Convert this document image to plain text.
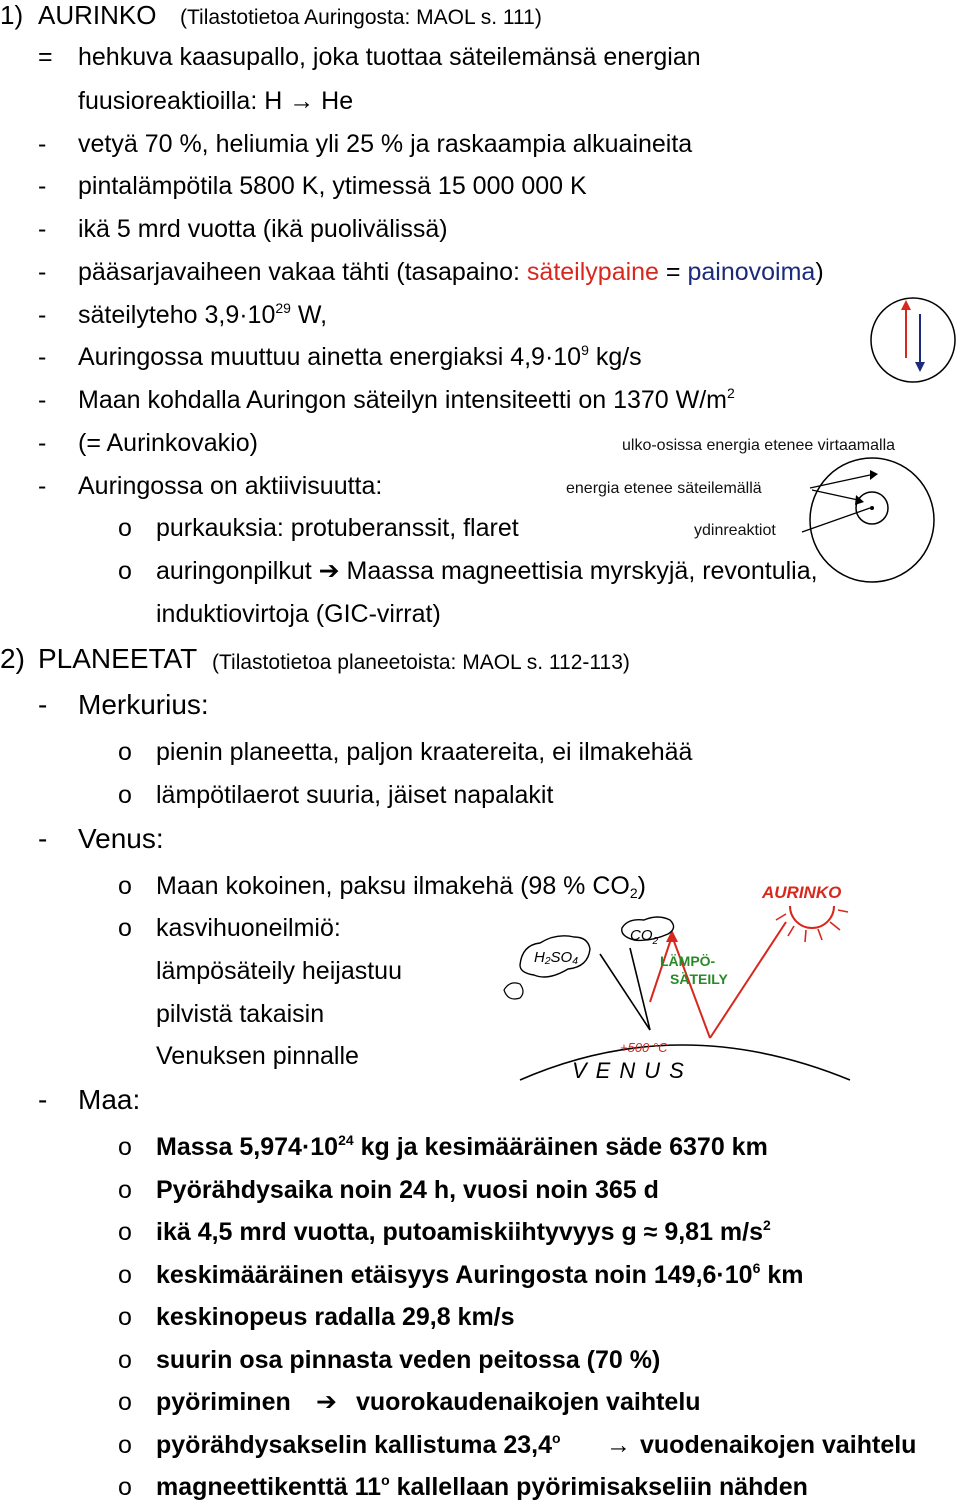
1) AURINKO (Tilastotietoa Auringosta: MAOL s. 111)
= hehkuva kaasupallo, joka tuottaa säteilemänsä energian
fuusioreaktioilla: H → He
- vetyä 70 %, heliumia yli 25 % ja raskaampia alkuaineita
- pintalämpötila 5800 K, ytimessä 15 000 000 K
- ikä 5 mrd vuotta (ikä puolivälissä)
- pääsarjavaiheen vakaa tähti (tasapaino: säteilypaine = painovoima)
- säteilyteho $3,9\cdot 10^{29}$ W,
- Auringossa muuttuu ainetta energiaksi $4,9\cdot 10^9$ kg/s
- Maan kohdalla Auringon säteilyn intensiteetti on 1370 $W/m^2$
- (= Aurinkovakio)
- Auringossa on aktiivisuutta:
o purkauksia: protuberanssit, flaret
o auringonpilkut ➔ Maassa magneettisia myrskyjä, revontulia,
induktiovirtoja (GIC-virrat)
ulko-osissa energia etenee virtaamalla
energia etenee säteilemällä
ydinreaktiot
2) PLANEETAT (Tilastotietoa planeetoista: MAOL s. 112-113)
- Merkurius:
o pienin planeetta, paljon kraatereita, ei ilmakehää
o lämpötilaerot suuria, jäiset napalakit
- Venus:
o Maan kokoinen, paksu ilmakehä (98 % $CO_2$)
o kasvihuoneilmiö:
lämpösäteily heijastuu
pilvistä takaisin
Venuksen pinnalle
AURINKO
H₂SO₄
$CO_2$
LÄMPÖ-
SÄTEILY
+500 °C
VENUS
- Maa:
o Massa $5,974\cdot 10^{24}$ kg ja kesimääräinen säde 6370 km
o Pyörähdysaika noin 24 h, vuosi noin 365 d
o ikä 4,5 mrd vuotta, putoamiskiihtyvyys g ≈ 9,81 $m/s^2$
o keskimääräinen etäisyys Auringosta noin $149,6\cdot 10^6$ km
o keskinopeus radalla 29,8 km/s
o suurin osa pinnasta veden peitossa (70 %)
o pyöriminen ➔ vuorokaudenaikojen vaihtelu
o pyörähdysakselin kallistuma $23,4^o$ → vuodenaikojen vaihtelu
o magneettikenttä 11$^o$ kallellaan pyörimisakseliin nähden
